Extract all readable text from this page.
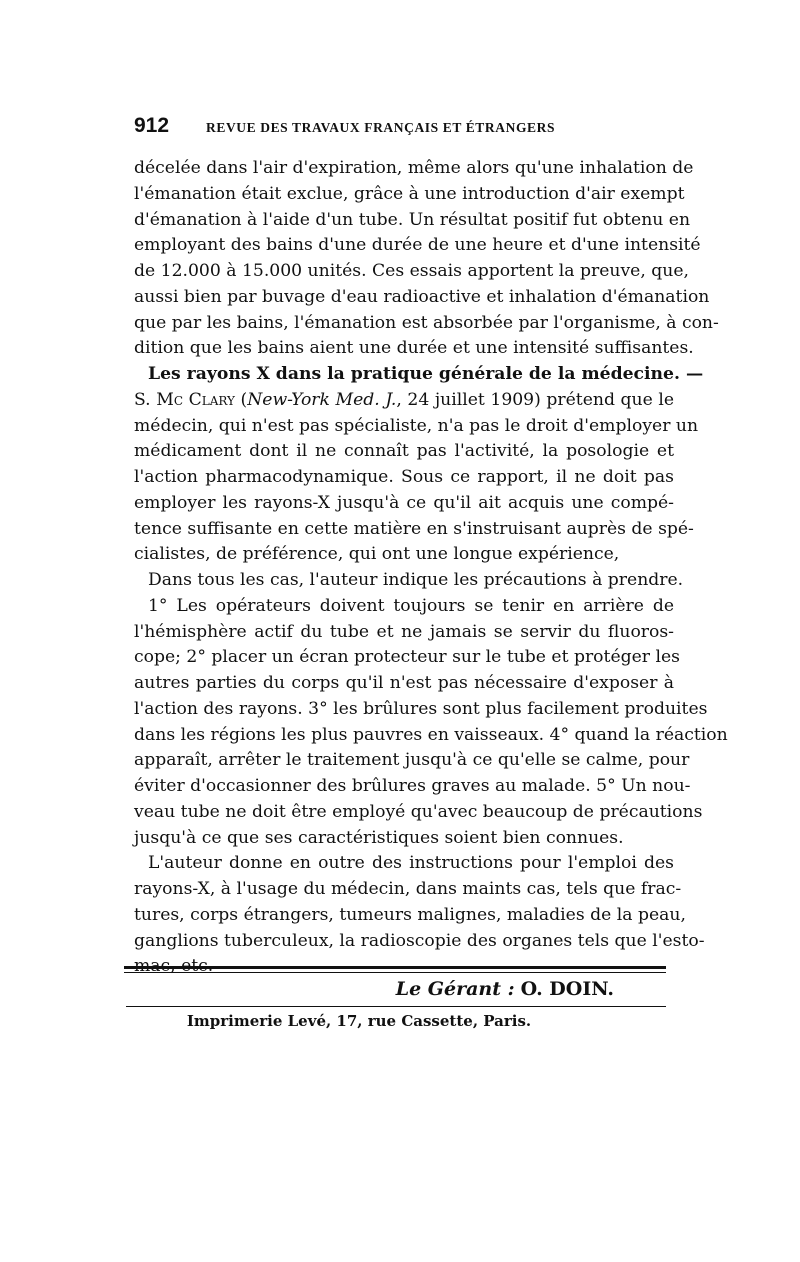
912	REVUE DES TRAVAUX FRANÇAIS ET ÉTRANGERS
décelée dans l'air d'expiration, même alors qu'une inhalation de
l'émanation était exclue, grâce à une introduction d'air exempt
d'émanation à l'aide d'un tube. Un résultat positif fut obtenu en
employant des bains d'une durée de une heure et d'une intensité
de 12.000 à 15.000 unités. Ces essais apportent la preuve, que,
aussi bien par buvage d'eau radioactive et inhalation d'émanation
que par les bains, l'émanation est absorbée par l'organisme, à con-
dition que les bains aient une durée et une intensité suffisantes.
Les rayons X dans la pratique générale de la médecine. —
S. Mc Clary (New-York Med. J., 24 juillet 1909) prétend que le
médecin, qui n'est pas spécialiste, n'a pas le droit d'employer un
médicament dont il ne connaît pas l'activité, la posologie et
l'action pharmacodynamique. Sous ce rapport, il ne doit pas
employer les rayons-X jusqu'à ce qu'il ait acquis une compé-
tence suffisante en cette matière en s'instruisant auprès de spé-
cialistes, de préférence, qui ont une longue expérience,
Dans tous les cas, l'auteur indique les précautions à prendre.
1° Les opérateurs doivent toujours se tenir en arrière de
l'hémisphère actif du tube et ne jamais se servir du fluoros-
cope; 2° placer un écran protecteur sur le tube et protéger les
autres parties du corps qu'il n'est pas nécessaire d'exposer à
l'action des rayons. 3° les brûlures sont plus facilement produites
dans les régions les plus pauvres en vaisseaux. 4° quand la réaction
apparaît, arrêter le traitement jusqu'à ce qu'elle se calme, pour
éviter d'occasionner des brûlures graves au malade. 5° Un nou-
veau tube ne doit être employé qu'avec beaucoup de précautions
jusqu'à ce que ses caractéristiques soient bien connues.
L'auteur donne en outre des instructions pour l'emploi des
rayons-X, à l'usage du médecin, dans maints cas, tels que frac-
tures, corps étrangers, tumeurs malignes, maladies de la peau,
ganglions tuberculeux, la radioscopie des organes tels que l'esto-
Le Gérant : O. DOIN.
Imprimerie Levé, 17, rue Cassette, Paris.
